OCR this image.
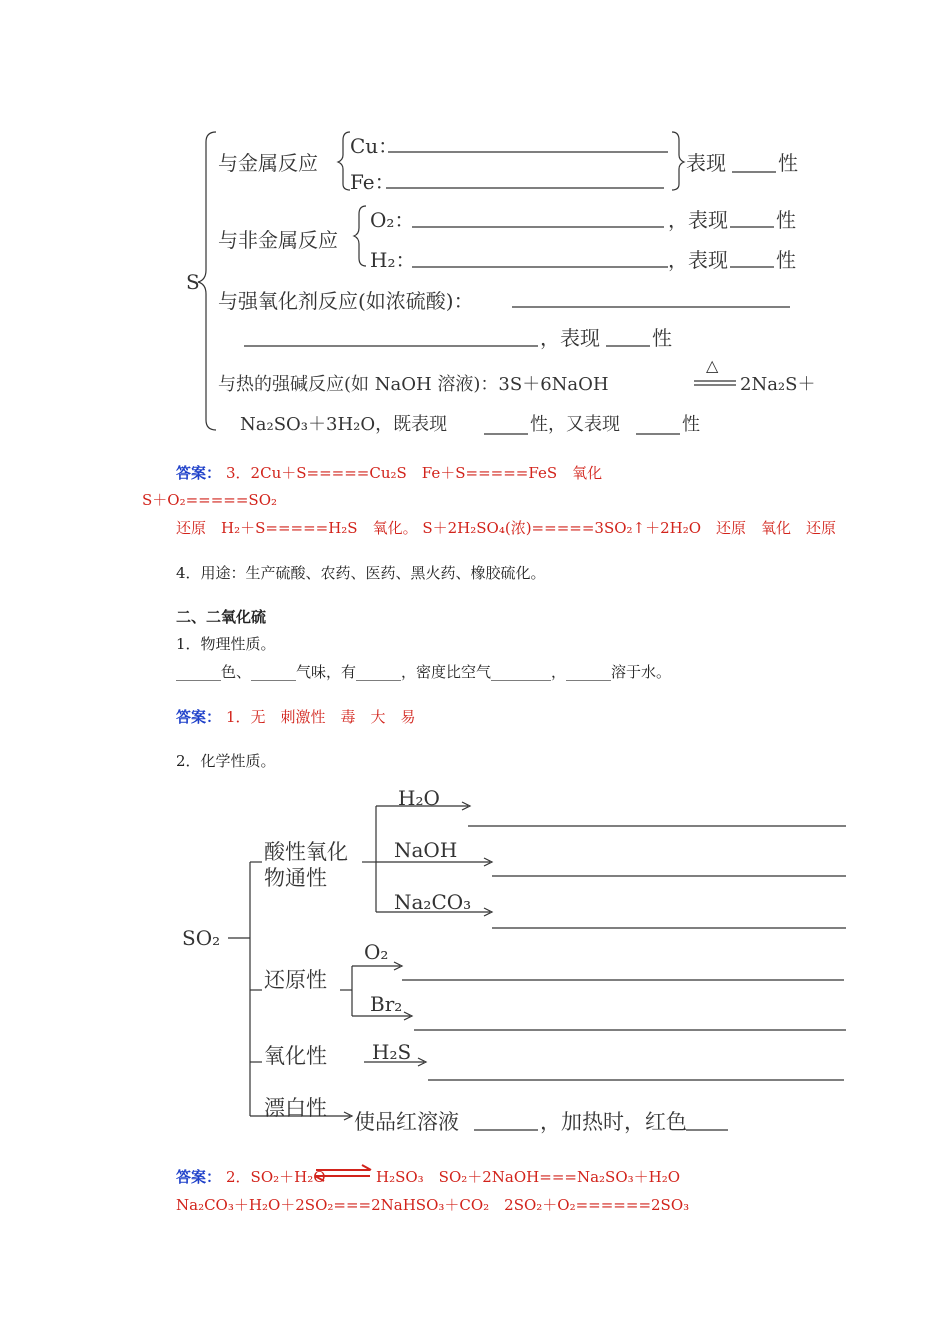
S
与金属反应
Cu：
Fe：
表现	性
与非金属反应
O₂：
H₂：
，表现 性
，表现 性
与强氧化剂反应(如浓硫酸)：
，表现	性
与热的强碱反应(如 NaOH 溶液)：3S＋6NaOH
△
2Na₂S＋
Na₂SO₃＋3H₂O，既表现	性，又表现	性
答案： 3．2Cu＋S=====Cu₂S　Fe＋S=====FeS　氧化
S＋O₂=====SO₂
还原　H₂＋S=====H₂S　氧化。 S＋2H₂SO₄(浓)=====3SO₂↑＋2H₂O　还原　氧化　还原
4．用途：生产硫酸、农药、医药、黑火药、橡胶硫化。
二、二氧化硫
1．物理性质。
______色、______气味，有______，密度比空气________，______溶于水。
答案： 1．无　刺激性　毒　大　易
2．化学性质。
SO₂
酸性氧化
物通性
H₂O
NaOH
Na₂CO₃
还原性
O₂
Br₂
氧化性 H₂S
漂白性
使品红溶液	，加热时，红色
答案： 2．SO₂＋H₂O ⇌ H₂SO₃　SO₂＋2NaOH===Na₂SO₃＋H₂O
Na₂CO₃＋H₂O＋2SO₂===2NaHSO₃＋CO₂　2SO₂＋O₂======2SO₃
